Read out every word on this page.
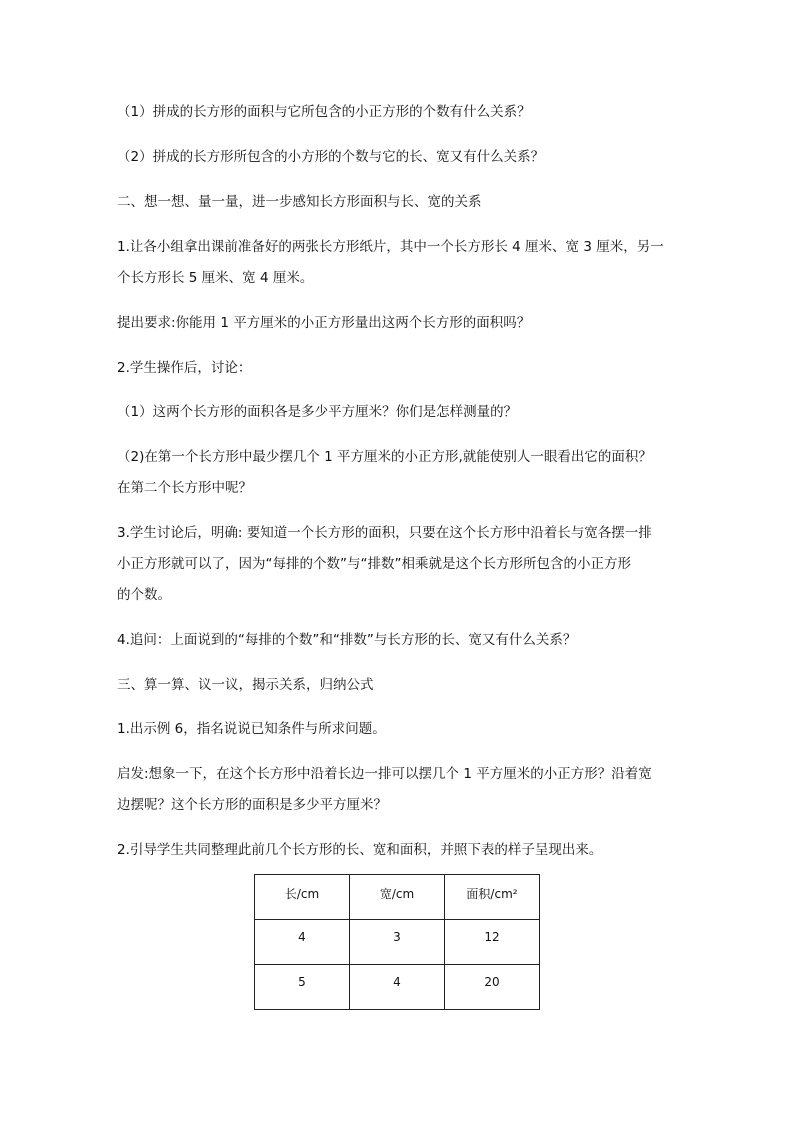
（1）拼成的长方形的面积与它所包含的小正方形的个数有什么关系？

（2）拼成的长方形所包含的小方形的个数与它的长、宽又有什么关系？

二、想一想、量一量，进一步感知长方形面积与长、宽的关系

1.让各小组拿出课前准备好的两张长方形纸片，其中一个长方形长 4 厘米、宽 3 厘米，另一

个长方形长 5 厘米、宽 4 厘米。

提出要求:你能用 1 平方厘米的小正方形量出这两个长方形的面积吗？

2.学生操作后，讨论：

（1）这两个长方形的面积各是多少平方厘米？你们是怎样测量的？

（2)在第一个长方形中最少摆几个 1 平方厘米的小正方形,就能使别人一眼看出它的面积？

在第二个长方形中呢？

3.学生讨论后，明确: 要知道一个长方形的面积，只要在这个长方形中沿着长与宽各摆一排

小正方形就可以了，因为“每排的个数”与“排数”相乘就是这个长方形所包含的小正方形

的个数。

4.追问：上面说到的“每排的个数”和“排数”与长方形的长、宽又有什么关系？

三、算一算、议一议，揭示关系，归纳公式

1.出示例 6，指名说说已知条件与所求问题。

启发:想象一下，在这个长方形中沿着长边一排可以摆几个 1 平方厘米的小正方形？沿着宽

边摆呢？这个长方形的面积是多少平方厘米？

2.引导学生共同整理此前几个长方形的长、宽和面积，并照下表的样子呈现出来。

长/cm	宽/cm	面积/cm²

4	3	12

5	4	20
